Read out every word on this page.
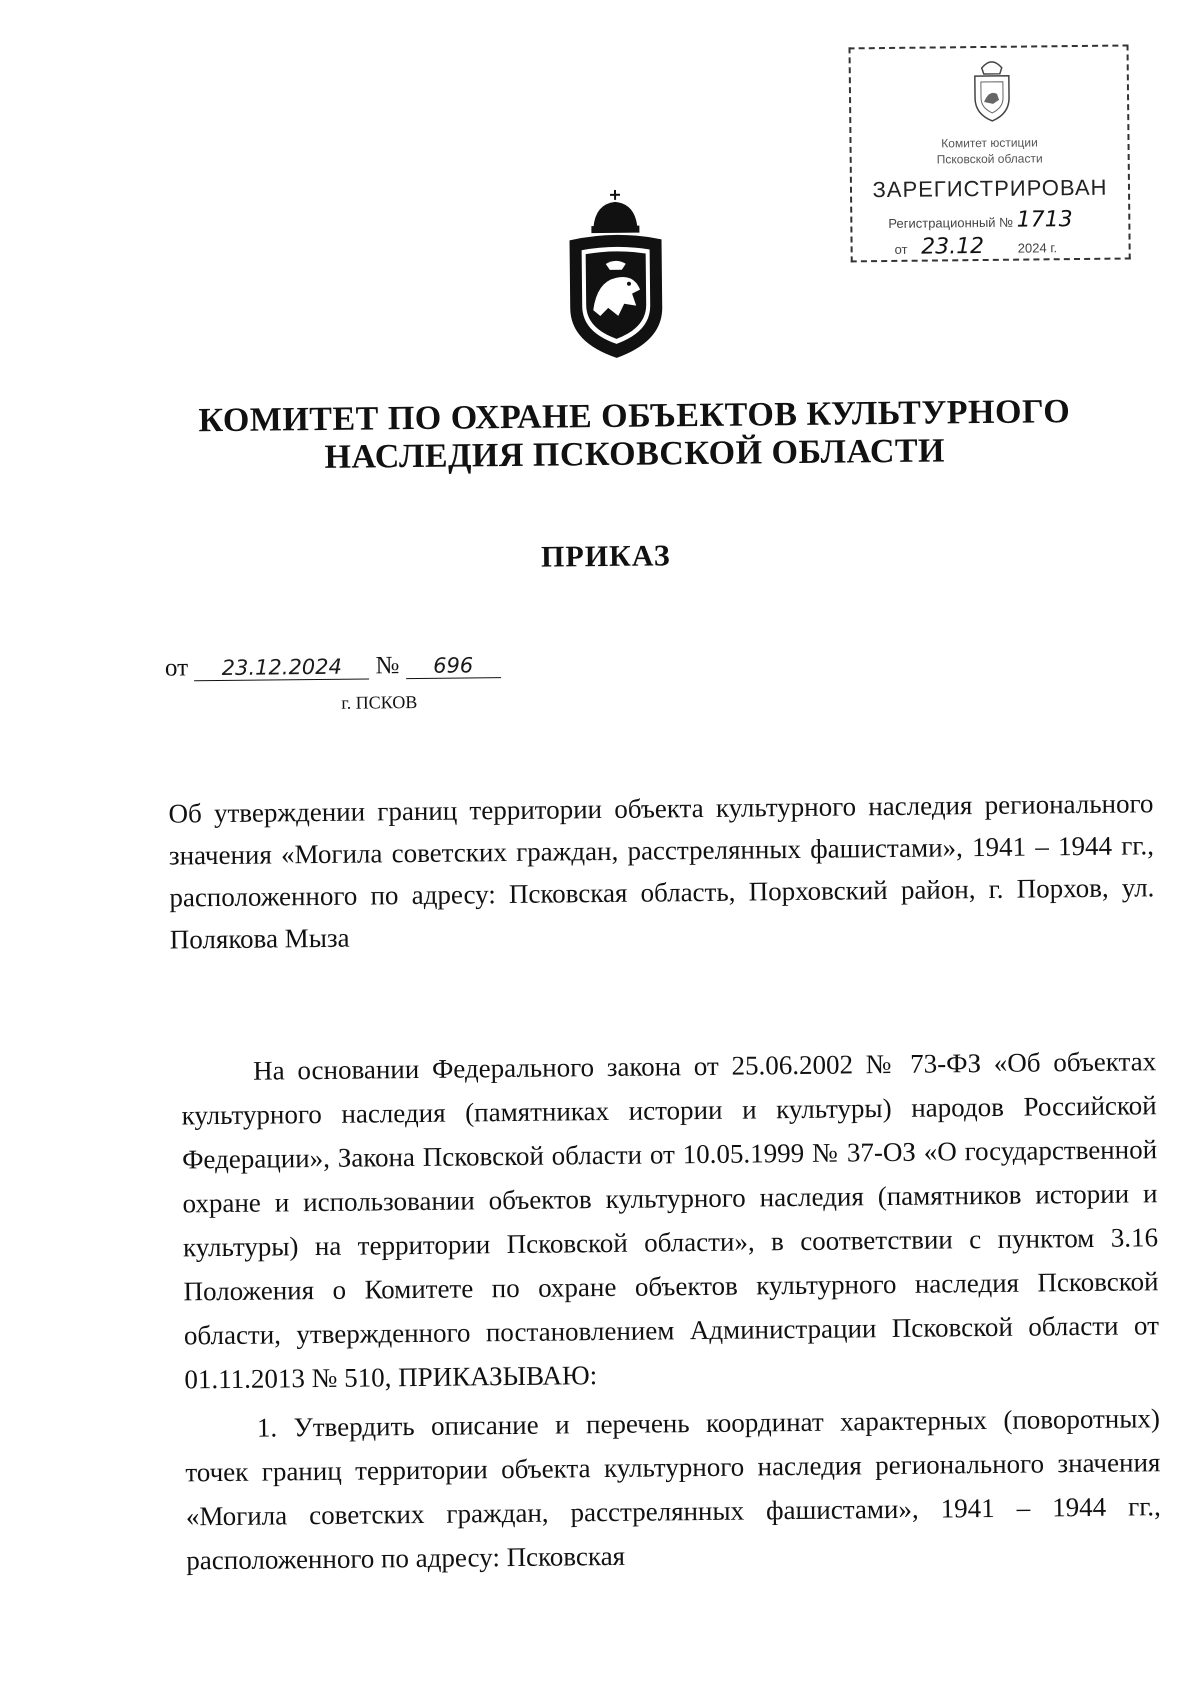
Комитет юстиции
Псковской области
ЗАРЕГИСТРИРОВАН
Регистрационный № 1713
от 23.12	2024 г.
КОМИТЕТ ПО ОХРАНЕ ОБЪЕКТОВ КУЛЬТУРНОГО
НАСЛЕДИЯ ПСКОВСКОЙ ОБЛАСТИ
ПРИКАЗ
от 23.12.2024 № 696
г. ПСКОВ
Об утверждении границ территории объекта культурного наследия регионального значения «Могила советских граждан, расстрелянных фашистами», 1941 – 1944 гг., расположенного по адресу: Псковская область, Порховский район, г. Порхов, ул. Полякова Мыза
На основании Федерального закона от 25.06.2002 № 73-ФЗ «Об объектах культурного наследия (памятниках истории и культуры) народов Российской Федерации», Закона Псковской области от 10.05.1999 № 37-ОЗ «О государственной охране и использовании объектов культурного наследия (памятников истории и культуры) на территории Псковской области», в соответствии с пунктом 3.16 Положения о Комитете по охране объектов культурного наследия Псковской области, утвержденного постановлением Администрации Псковской области от 01.11.2013 № 510, ПРИКАЗЫВАЮ:
1. Утвердить описание и перечень координат характерных (поворотных) точек границ территории объекта культурного наследия регионального значения «Могила советских граждан, расстрелянных фашистами», 1941 – 1944 гг., расположенного по адресу: Псковская
